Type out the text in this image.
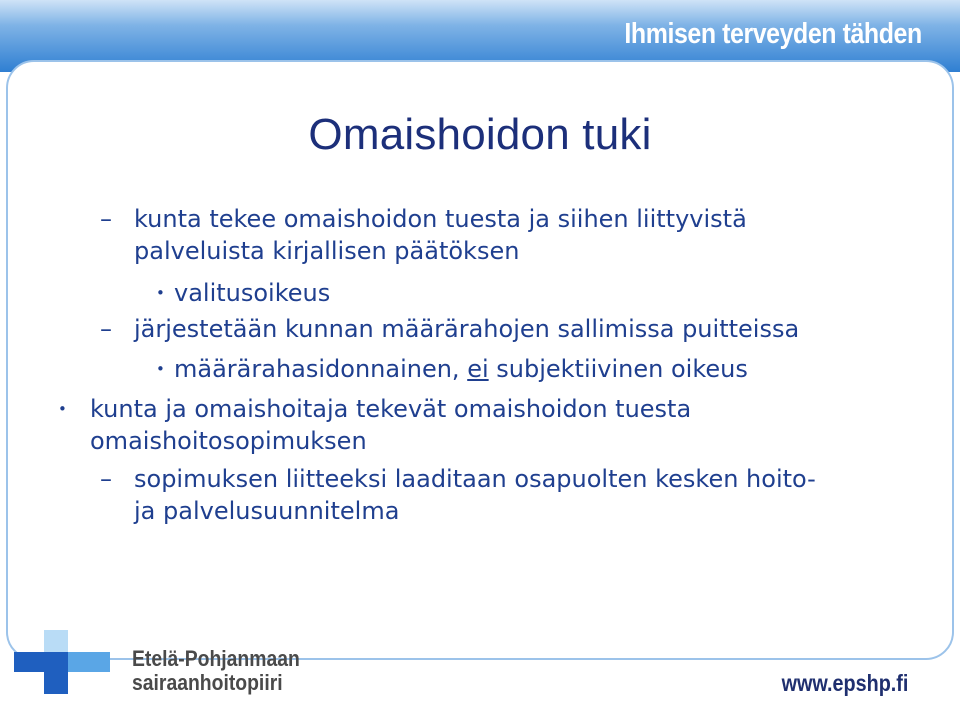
Ihmisen terveyden tähden
Omaishoidon tuki
– kunta tekee omaishoidon tuesta ja siihen liittyvistä
palveluista kirjallisen päätöksen
• valitusoikeus
– järjestetään kunnan määrärahojen sallimissa puitteissa
• määrärahasidonnainen, ei subjektiivinen oikeus
• kunta ja omaishoitaja tekevät omaishoidon tuesta
omaishoitosopimuksen
– sopimuksen liitteeksi laaditaan osapuolten kesken hoito-
ja palvelusuunnitelma
Etelä-Pohjanmaan
sairaanhoitopiiri	www.epshp.fi
